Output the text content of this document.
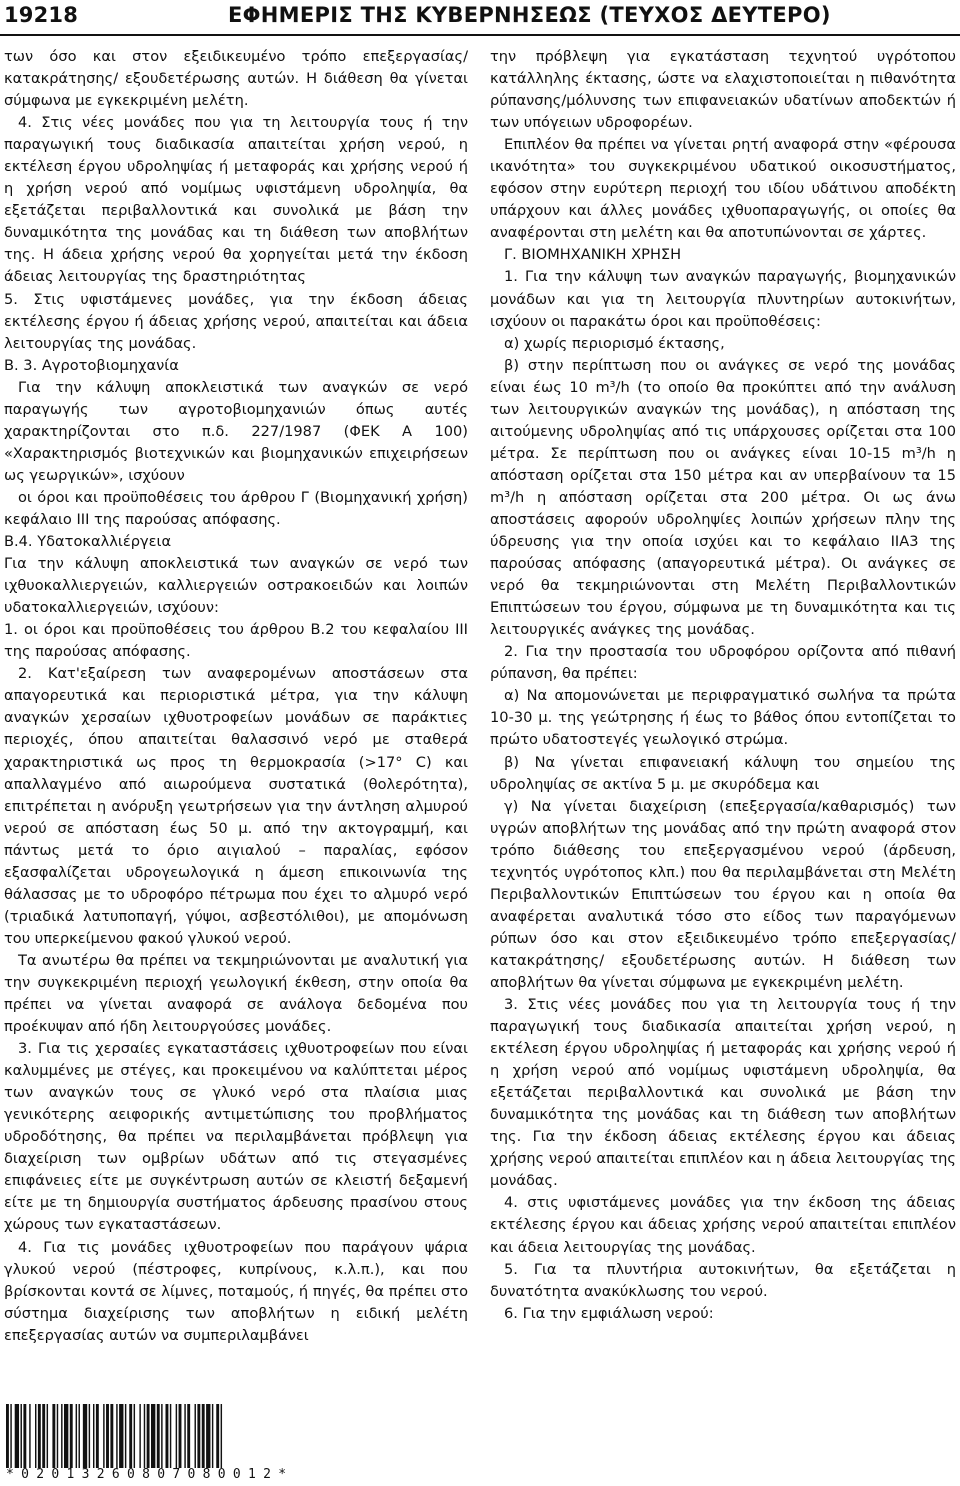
19218	ΕΦΗΜΕΡΙΣ ΤΗΣ ΚΥΒΕΡΝΗΣΕΩΣ (ΤΕΥΧΟΣ ΔΕΥΤΕΡΟ)

των όσο και στον εξειδικευμένο τρόπο επεξεργασίας/ κατακράτησης/ εξουδετέρωσης αυτών. Η διάθεση θα γίνεται σύμφωνα με εγκεκριμένη μελέτη.

4. Στις νέες μονάδες που για τη λειτουργία τους ή την παραγωγική τους διαδικασία απαιτείται χρήση νερού, η εκτέλεση έργου υδροληψίας ή μεταφοράς και χρήσης νερού ή η χρήση νερού από νομίμως υφιστάμενη υδροληψία, θα εξετάζεται περιβαλλοντικά και συνολικά με βάση την δυναμικότητα της μονάδας και τη διάθεση των αποβλήτων της. Η άδεια χρήσης νερού θα χορηγείται μετά την έκδοση άδειας λειτουργίας της δραστηριότητας

5. Στις υφιστάμενες μονάδες, για την έκδοση άδειας εκτέλεσης έργου ή άδειας χρήσης νερού, απαιτείται και άδεια λειτουργίας της μονάδας.

Β. 3. Αγροτοβιομηχανία

Για την κάλυψη αποκλειστικά των αναγκών σε νερό παραγωγής των αγροτοβιομηχανιών όπως αυτές χαρακτηρίζονται στο π.δ. 227/1987 (ΦΕΚ Α 100) «Χαρακτηρισμός βιοτεχνικών και βιομηχανικών επιχειρήσεων ως γεωργικών», ισχύουν

οι όροι και προϋποθέσεις του άρθρου Γ (Βιομηχανική χρήση) κεφάλαιο ΙΙΙ της παρούσας απόφασης.

Β.4. Υδατοκαλλιέργεια

Για την κάλυψη αποκλειστικά των αναγκών σε νερό των ιχθυοκαλλιεργειών, καλλιεργειών οστρακοειδών και λοιπών υδατοκαλλιεργειών, ισχύουν:

1. οι όροι και προϋποθέσεις του άρθρου Β.2 του κεφαλαίου ΙΙΙ της παρούσας απόφασης.

2. Κατ'εξαίρεση των αναφερομένων αποστάσεων στα απαγορευτικά και περιοριστικά μέτρα, για την κάλυψη αναγκών χερσαίων ιχθυοτροφείων μονάδων σε παράκτιες περιοχές, όπου απαιτείται θαλασσινό νερό με σταθερά χαρακτηριστικά ως προς τη θερμοκρασία (>17° C) και απαλλαγμένο από αιωρούμενα συστατικά (θολερότητα), επιτρέπεται η ανόρυξη γεωτρήσεων για την άντληση αλμυρού νερού σε απόσταση έως 50 μ. από την ακτογραμμή, και πάντως μετά το όριο αιγιαλού – παραλίας, εφόσον εξασφαλίζεται υδρογεωλογικά η άμεση επικοινωνία της θάλασσας με το υδροφόρο πέτρωμα που έχει το αλμυρό νερό (τριαδικά λατυποπαγή, γύψοι, ασβεστόλιθοι), με απομόνωση του υπερκείμενου φακού γλυκού νερού.

Τα ανωτέρω θα πρέπει να τεκμηριώνονται με αναλυτική για την συγκεκριμένη περιοχή γεωλογική έκθεση, στην οποία θα πρέπει να γίνεται αναφορά σε ανάλογα δεδομένα που προέκυψαν από ήδη λειτουργούσες μονάδες.

3. Για τις χερσαίες εγκαταστάσεις ιχθυοτροφείων που είναι καλυμμένες με στέγες, και προκειμένου να καλύπτεται μέρος των αναγκών τους σε γλυκό νερό στα πλαίσια μιας γενικότερης αειφορικής αντιμετώπισης του προβλήματος υδροδότησης, θα πρέπει να περιλαμβάνεται πρόβλεψη για διαχείριση των ομβρίων υδάτων από τις στεγασμένες επιφάνειες είτε με συγκέντρωση αυτών σε κλειστή δεξαμενή είτε με τη δημιουργία συστήματος άρδευσης πρασίνου στους χώρους των εγκαταστάσεων.

4. Για τις μονάδες ιχθυοτροφείων που παράγουν ψάρια γλυκού νερού (πέστροφες, κυπρίνους, κ.λ.π.), και που βρίσκονται κοντά σε λίμνες, ποταμούς, ή πηγές, θα πρέπει στο σύστημα διαχείρισης των αποβλήτων η ειδική μελέτη επεξεργασίας αυτών να συμπεριλαμβάνει

την πρόβλεψη για εγκατάσταση τεχνητού υγρότοπου κατάλληλης έκτασης, ώστε να ελαχιστοποιείται η πιθανότητα ρύπανσης/μόλυνσης των επιφανειακών υδατίνων αποδεκτών ή των υπόγειων υδροφορέων.

Επιπλέον θα πρέπει να γίνεται ρητή αναφορά στην «φέρουσα ικανότητα» του συγκεκριμένου υδατικού οικοσυστήματος, εφόσον στην ευρύτερη περιοχή του ιδίου υδάτινου αποδέκτη υπάρχουν και άλλες μονάδες ιχθυοπαραγωγής, οι οποίες θα αναφέρονται στη μελέτη και θα αποτυπώνονται σε χάρτες.

Γ. ΒΙΟΜΗΧΑΝΙΚΗ ΧΡΗΣΗ

1. Για την κάλυψη των αναγκών παραγωγής, βιομηχανικών μονάδων και για τη λειτουργία πλυντηρίων αυτοκινήτων, ισχύουν οι παρακάτω όροι και προϋποθέσεις:

α) χωρίς περιορισμό έκτασης,

β) στην περίπτωση που οι ανάγκες σε νερό της μονάδας είναι έως 10 m³/h (το οποίο θα προκύπτει από την ανάλυση των λειτουργικών αναγκών της μονάδας), η απόσταση της αιτούμενης υδροληψίας από τις υπάρχουσες ορίζεται στα 100 μέτρα. Σε περίπτωση που οι ανάγκες είναι 10-15 m³/h η απόσταση ορίζεται στα 150 μέτρα και αν υπερβαίνουν τα 15 m³/h η απόσταση ορίζεται στα 200 μέτρα. Οι ως άνω αποστάσεις αφορούν υδροληψίες λοιπών χρήσεων πλην της ύδρευσης για την οποία ισχύει και το κεφάλαιο ΙΙΑ3 της παρούσας απόφασης (απαγορευτικά μέτρα). Οι ανάγκες σε νερό θα τεκμηριώνονται στη Μελέτη Περιβαλλοντικών Επιπτώσεων του έργου, σύμφωνα με τη δυναμικότητα και τις λειτουργικές ανάγκες της μονάδας.

2. Για την προστασία του υδροφόρου ορίζοντα από πιθανή ρύπανση, θα πρέπει:

α) Να απομονώνεται με περιφραγματικό σωλήνα τα πρώτα 10-30 μ. της γεώτρησης ή έως το βάθος όπου εντοπίζεται το πρώτο υδατοστεγές γεωλογικό στρώμα.

β) Να γίνεται επιφανειακή κάλυψη του σημείου της υδροληψίας σε ακτίνα 5 μ. με σκυρόδεμα και

γ) Να γίνεται διαχείριση (επεξεργασία/καθαρισμός) των υγρών αποβλήτων της μονάδας από την πρώτη αναφορά στον τρόπο διάθεσης του επεξεργασμένου νερού (άρδευση, τεχνητός υγρότοπος κλπ.) που θα περιλαμβάνεται στη Μελέτη Περιβαλλοντικών Επιπτώσεων του έργου και η οποία θα αναφέρεται αναλυτικά τόσο στο είδος των παραγόμενων ρύπων όσο και στον εξειδικευμένο τρόπο επεξεργασίας/κατακράτησης/ εξουδετέρωσης αυτών. Η διάθεση των αποβλήτων θα γίνεται σύμφωνα με εγκεκριμένη μελέτη.

3. Στις νέες μονάδες που για τη λειτουργία τους ή την παραγωγική τους διαδικασία απαιτείται χρήση νερού, η εκτέλεση έργου υδροληψίας ή μεταφοράς και χρήσης νερού ή η χρήση νερού από νομίμως υφιστάμενη υδροληψία, θα εξετάζεται περιβαλλοντικά και συνολικά με βάση την δυναμικότητα της μονάδας και τη διάθεση των αποβλήτων της. Για την έκδοση άδειας εκτέλεσης έργου και άδειας χρήσης νερού απαιτείται επιπλέον και η άδεια λειτουργίας της μονάδας.

4. στις υφιστάμενες μονάδες για την έκδοση της άδειας εκτέλεσης έργου και άδειας χρήσης νερού απαιτείται επιπλέον και άδεια λειτουργίας της μονάδας.

5. Για τα πλυντήρια αυτοκινήτων, θα εξετάζεται η δυνατότητα ανακύκλωσης του νερού.

6. Για την εμφιάλωση νερού:

*02013260807080012*
